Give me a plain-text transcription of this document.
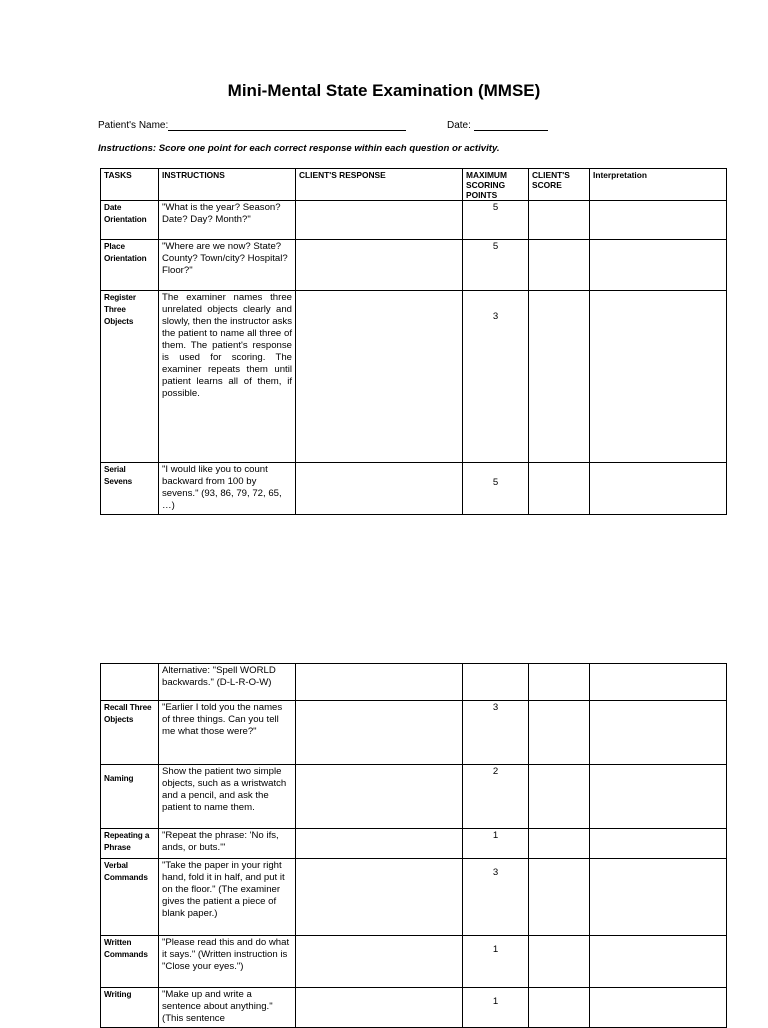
Mini-Mental State Examination (MMSE)
Patient's Name:	Date:
Instructions: Score one point for each correct response within each question or activity.
TASKS	INSTRUCTIONS	CLIENT'S RESPONSE	MAXIMUM SCORING POINTS	CLIENT'S SCORE	Interpretation
Date Orientation	"What is the year? Season? Date? Day? Month?"		5		
Place Orientation	"Where are we now? State? County? Town/city? Hospital? Floor?"		5		
Register Three Objects	The examiner names three unrelated objects clearly and slowly, then the instructor asks the patient to name all three of them. The patient's response is used for scoring. The examiner repeats them until patient learns all of them, if possible.		3		
Serial Sevens	"I would like you to count backward from 100 by sevens." (93, 86, 79, 72, 65, …)		5		
	Alternative: "Spell WORLD backwards." (D-L-R-O-W)				
Recall Three Objects	"Earlier I told you the names of three things. Can you tell me what those were?"		3		
Naming	Show the patient two simple objects, such as a wristwatch and a pencil, and ask the patient to name them.		2		
Repeating a Phrase	"Repeat the phrase: 'No ifs, ands, or buts.'"		1		
Verbal Commands	"Take the paper in your right hand, fold it in half, and put it on the floor." (The examiner gives the patient a piece of blank paper.)		3		
Written Commands	"Please read this and do what it says." (Written instruction is "Close your eyes.")		1		
Writing	"Make up and write a sentence about anything." (This sentence		1		
